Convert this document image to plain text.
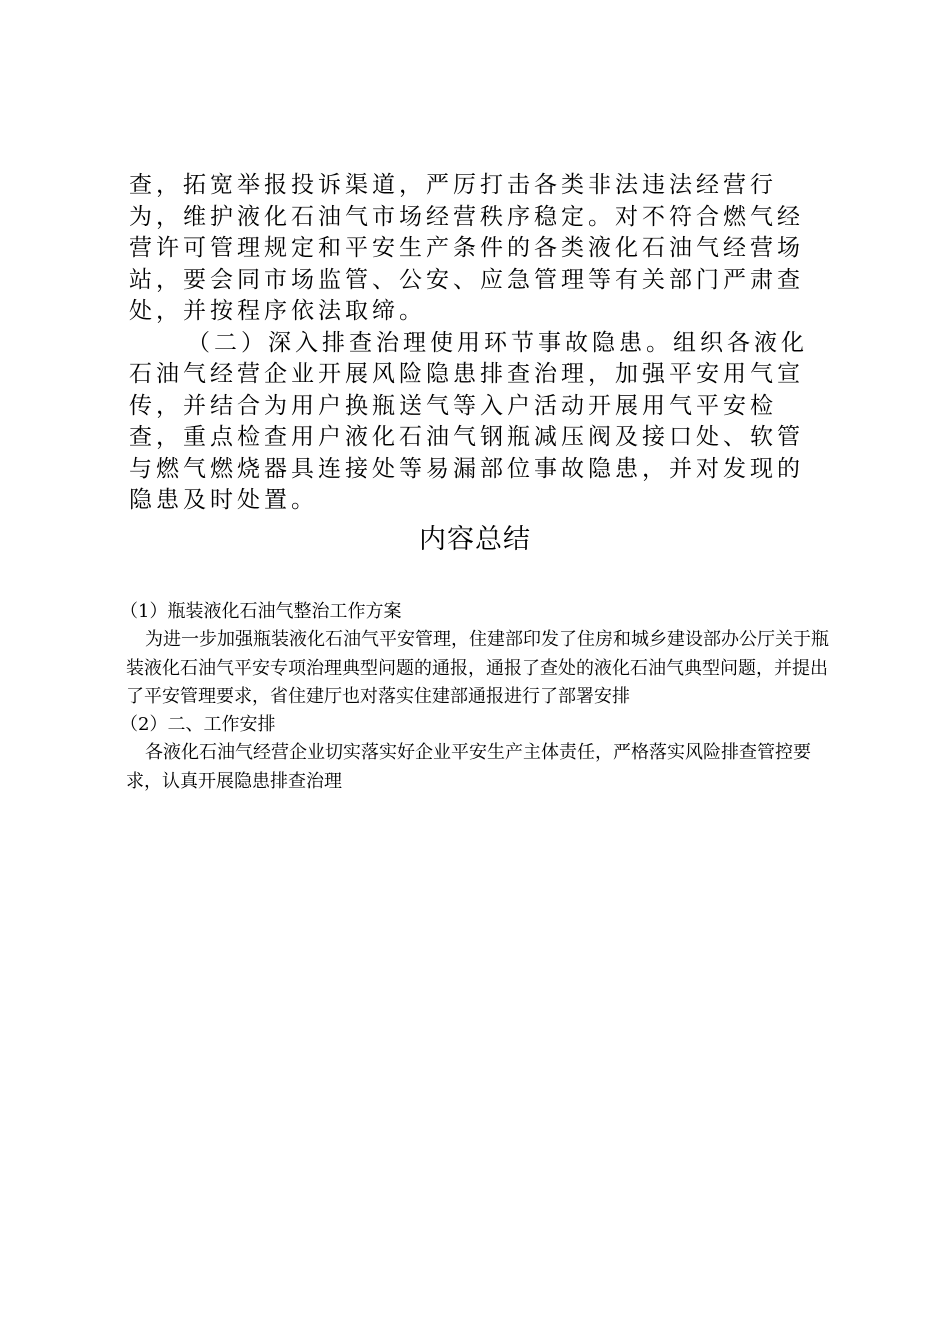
查，拓宽举报投诉渠道，严厉打击各类非法违法经营行为，维护液化石油气市场经营秩序稳定。对不符合燃气经营许可管理规定和平安生产条件的各类液化石油气经营场站，要会同市场监管、公安、应急管理等有关部门严肃查处，并按程序依法取缔。

（二）深入排查治理使用环节事故隐患。组织各液化石油气经营企业开展风险隐患排查治理，加强平安用气宣传，并结合为用户换瓶送气等入户活动开展用气平安检查，重点检查用户液化石油气钢瓶减压阀及接口处、软管与燃气燃烧器具连接处等易漏部位事故隐患，并对发现的隐患及时处置。

内容总结

（1）瓶装液化石油气整治工作方案

为进一步加强瓶装液化石油气平安管理，住建部印发了住房和城乡建设部办公厅关于瓶装液化石油气平安专项治理典型问题的通报，通报了查处的液化石油气典型问题，并提出了平安管理要求，省住建厅也对落实住建部通报进行了部署安排

（2）二、工作安排

各液化石油气经营企业切实落实好企业平安生产主体责任，严格落实风险排查管控要求，认真开展隐患排查治理
